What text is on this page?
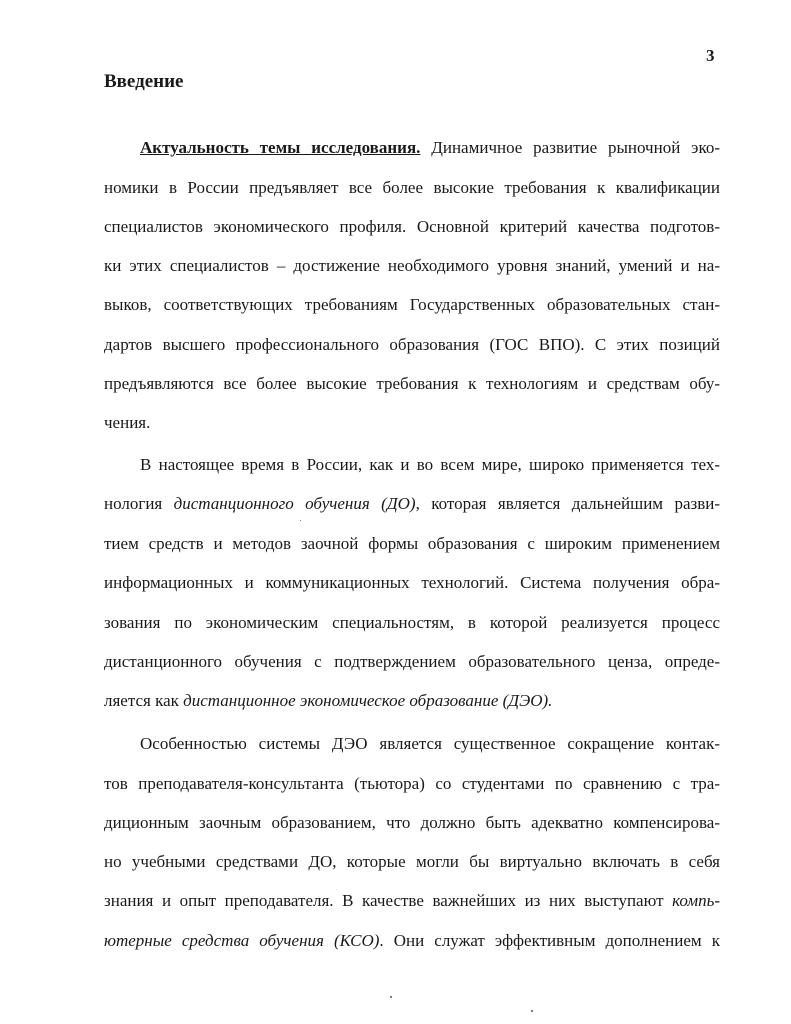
3
Введение
Актуальность темы исследования. Динамичное развитие рыночной эко-
номики в России предъявляет все более высокие требования к квалификации
специалистов экономического профиля. Основной критерий качества подготов-
ки этих специалистов – достижение необходимого уровня знаний, умений и на-
выков, соответствующих требованиям Государственных образовательных стан-
дартов высшего профессионального образования (ГОС ВПО). С этих позиций
предъявляются все более высокие требования к технологиям и средствам обу-
чения.
В настоящее время в России, как и во всем мире, широко применяется тех-
нология дистанционного обучения (ДО), которая является дальнейшим разви-
тием средств и методов заочной формы образования с широким применением
информационных и коммуникационных технологий. Система получения обра-
зования по экономическим специальностям, в которой реализуется процесс
дистанционного обучения с подтверждением образовательного ценза, опреде-
ляется как дистанционное экономическое образование (ДЭО).
Особенностью системы ДЭО является существенное сокращение контак-
тов преподавателя-консультанта (тьютора) со студентами по сравнению с тра-
диционным заочным образованием, что должно быть адекватно компенсирова-
но учебными средствами ДО, которые могли бы виртуально включать в себя
знания и опыт преподавателя. В качестве важнейших из них выступают компь-
ютерные средства обучения (КСО). Они служат эффективным дополнением к
